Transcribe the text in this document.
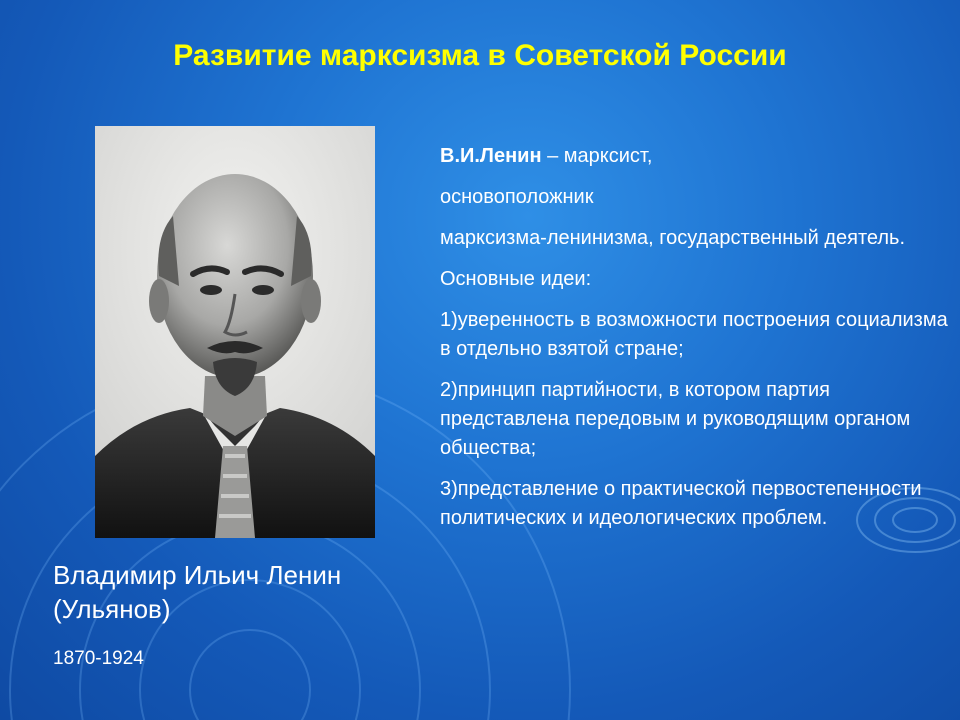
Развитие марксизма в Советской России
Владимир Ильич Ленин
(Ульянов)
1870-1924

В.И.Ленин – марксист,

основоположник

марксизма-ленинизма, государственный деятель.

Основные идеи:

1)уверенность в возможности построения социализма в отдельно взятой стране;

2)принцип партийности, в котором партия представлена передовым и руководящим органом общества;

3)представление о практической первостепенности политических и идеологических проблем.
